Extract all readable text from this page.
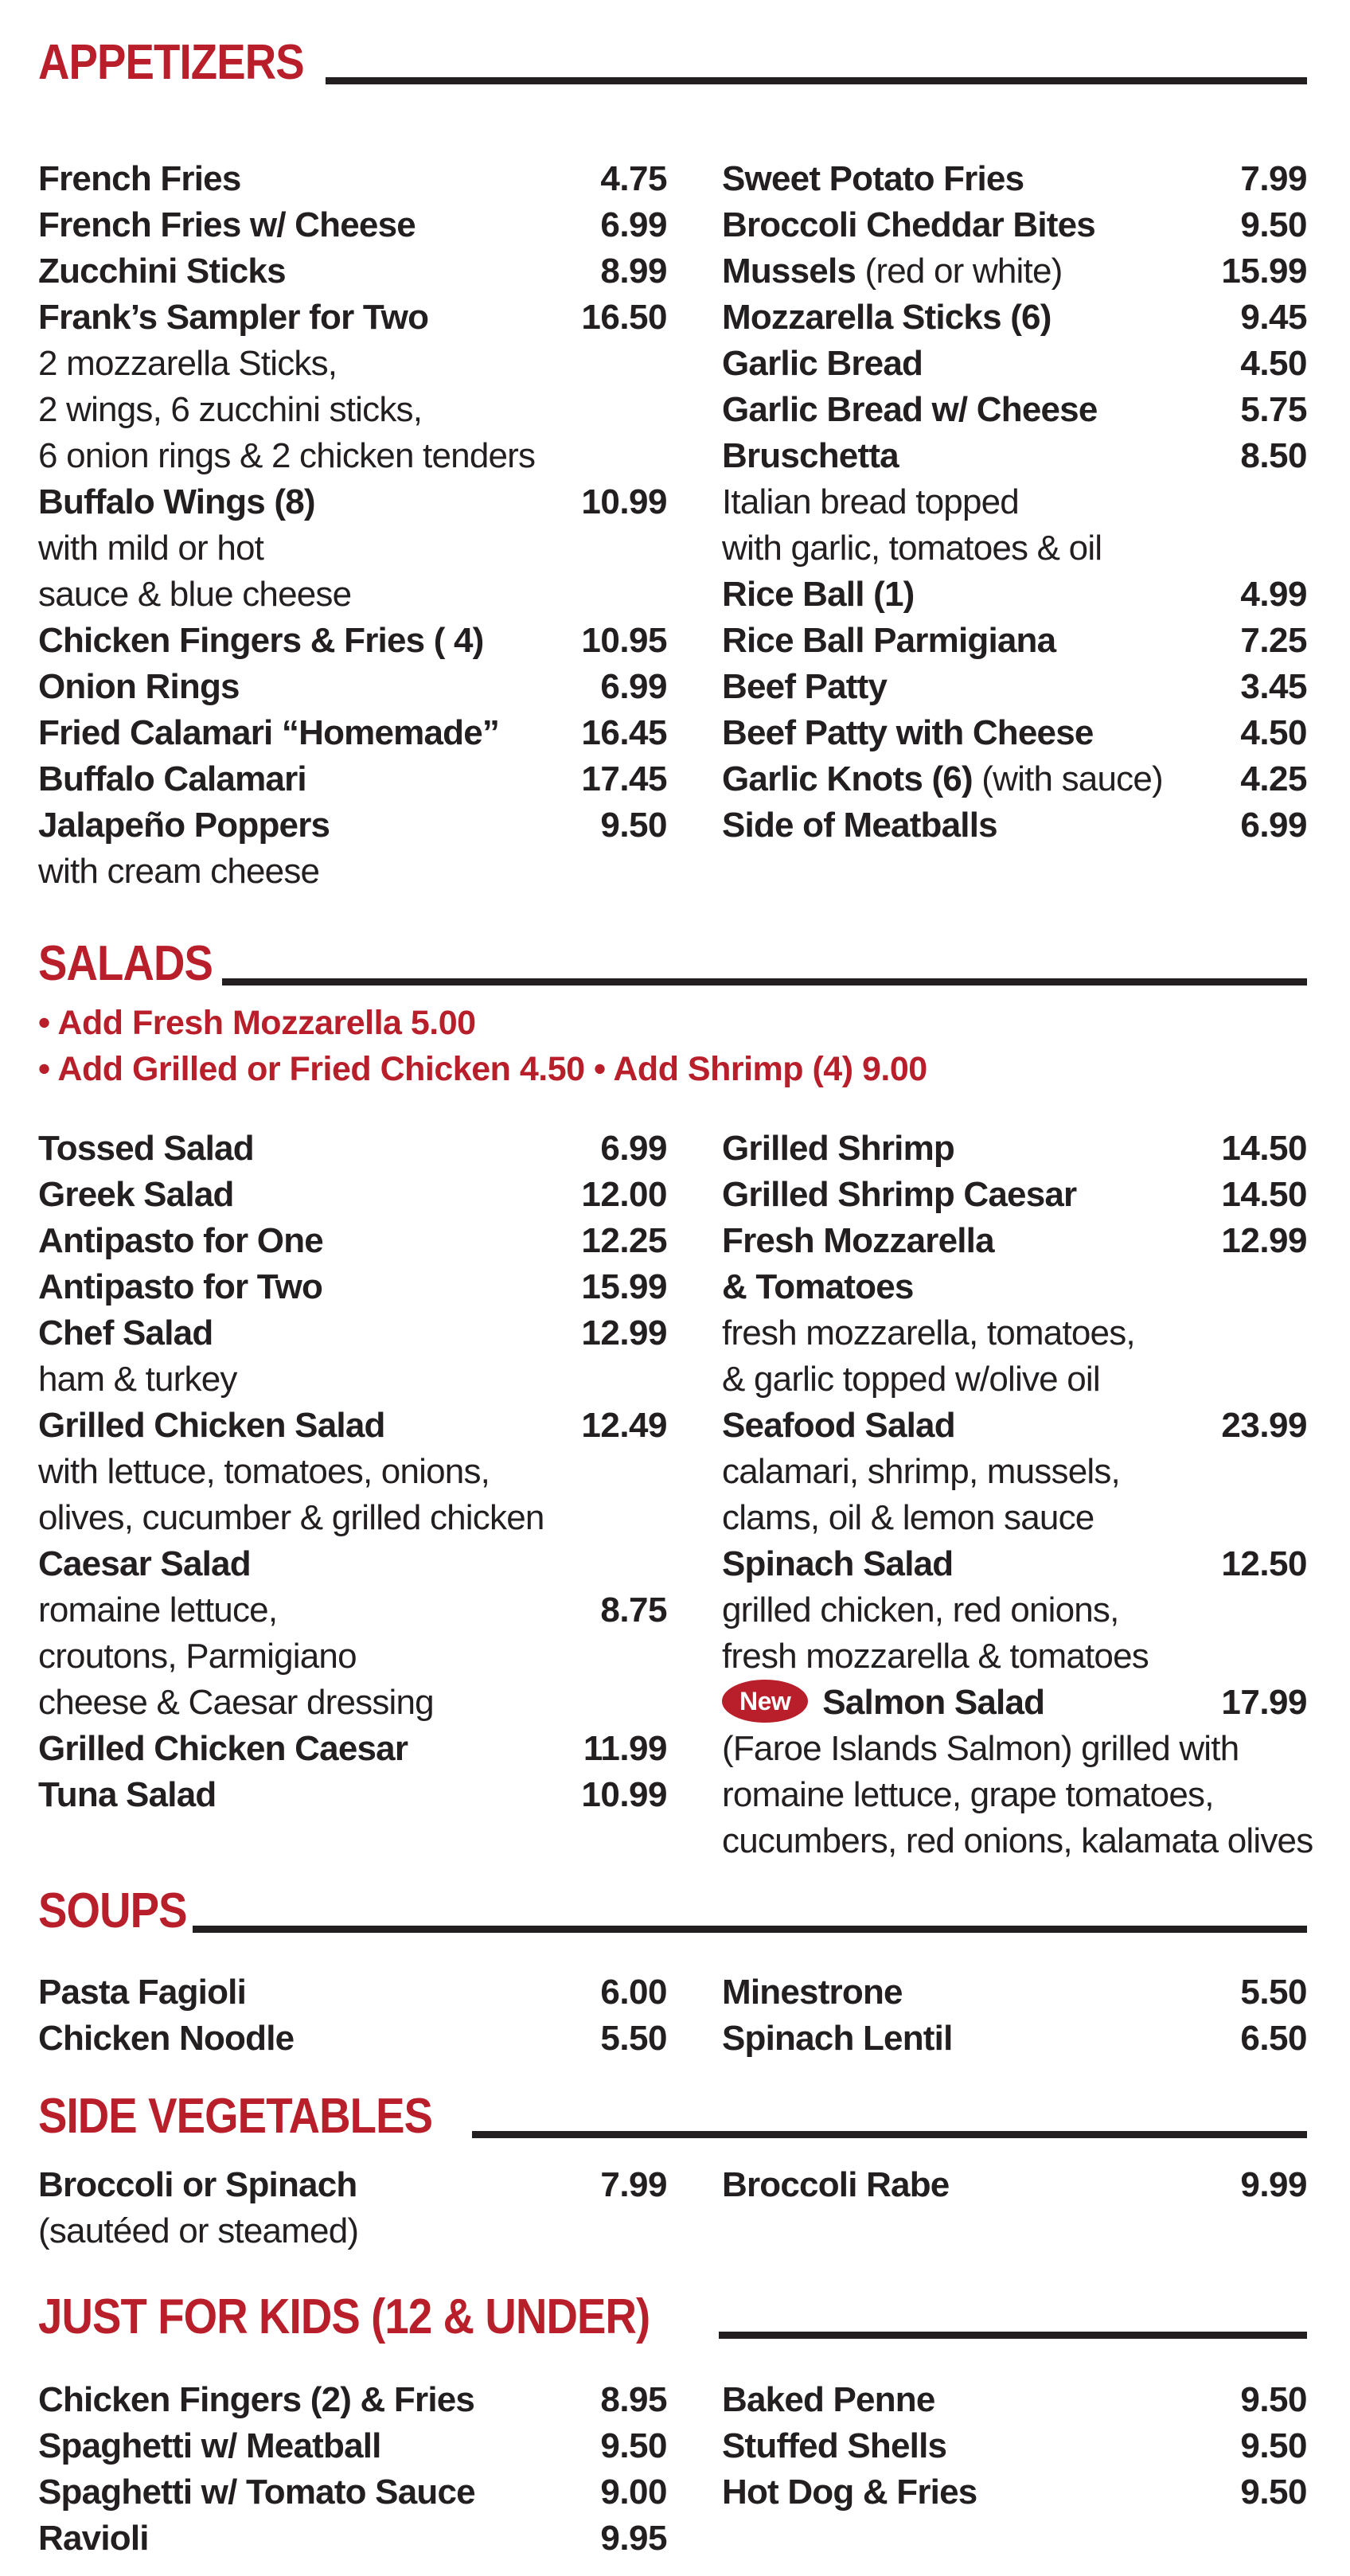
APPETIZERS
French Fries	4.75
French Fries w/ Cheese	6.99
Zucchini Sticks	8.99
Frank’s Sampler for Two	16.50
2 mozzarella Sticks,
2 wings, 6 zucchini sticks,
6 onion rings & 2 chicken tenders
Buffalo Wings (8)	10.99
with mild or hot
sauce & blue cheese
Chicken Fingers & Fries ( 4)	10.95
Onion Rings	6.99
Fried Calamari “Homemade” 16.45
Buffalo Calamari	17.45
Jalapeño Poppers	9.50
with cream cheese
Sweet Potato Fries	7.99
Broccoli Cheddar Bites	9.50
Mussels (red or white)	15.99
Mozzarella Sticks (6)	9.45
Garlic Bread	4.50
Garlic Bread w/ Cheese	5.75
Bruschetta	8.50
Italian bread topped
with garlic, tomatoes & oil
Rice Ball (1)	4.99
Rice Ball Parmigiana	7.25
Beef Patty	3.45
Beef Patty with Cheese	4.50
Garlic Knots (6) (with sauce) 4.25
Side of Meatballs	6.99
SALADS
• Add Fresh Mozzarella 5.00
• Add Grilled or Fried Chicken 4.50 • Add Shrimp (4) 9.00
Tossed Salad	6.99
Greek Salad	12.00
Antipasto for One	12.25
Antipasto for Two	15.99
Chef Salad	12.99
ham & turkey
Grilled Chicken Salad	12.49
with lettuce, tomatoes, onions,
olives, cucumber & grilled chicken
Caesar Salad
romaine lettuce,	8.75
croutons, Parmigiano
cheese & Caesar dressing
Grilled Chicken Caesar	11.99
Tuna Salad	10.99
Grilled Shrimp	14.50
Grilled Shrimp Caesar	14.50
Fresh Mozzarella	12.99
& Tomatoes
fresh mozzarella, tomatoes,
& garlic topped w/olive oil
Seafood Salad	23.99
calamari, shrimp, mussels,
clams, oil & lemon sauce
Spinach Salad	12.50
grilled chicken, red onions,
fresh mozzarella & tomatoes
New Salmon Salad	17.99
(Faroe Islands Salmon) grilled with
romaine lettuce, grape tomatoes,
cucumbers, red onions, kalamata olives
SOUPS
Pasta Fagioli	6.00
Chicken Noodle	5.50
Minestrone	5.50
Spinach Lentil	6.50
SIDE VEGETABLES
Broccoli or Spinach	7.99
(sautéed or steamed)
Broccoli Rabe	9.99
JUST FOR KIDS (12 & UNDER)
Chicken Fingers (2) & Fries	8.95
Spaghetti w/ Meatball	9.50
Spaghetti w/ Tomato Sauce	9.00
Ravioli	9.95
Baked Penne	9.50
Stuffed Shells	9.50
Hot Dog & Fries	9.50
